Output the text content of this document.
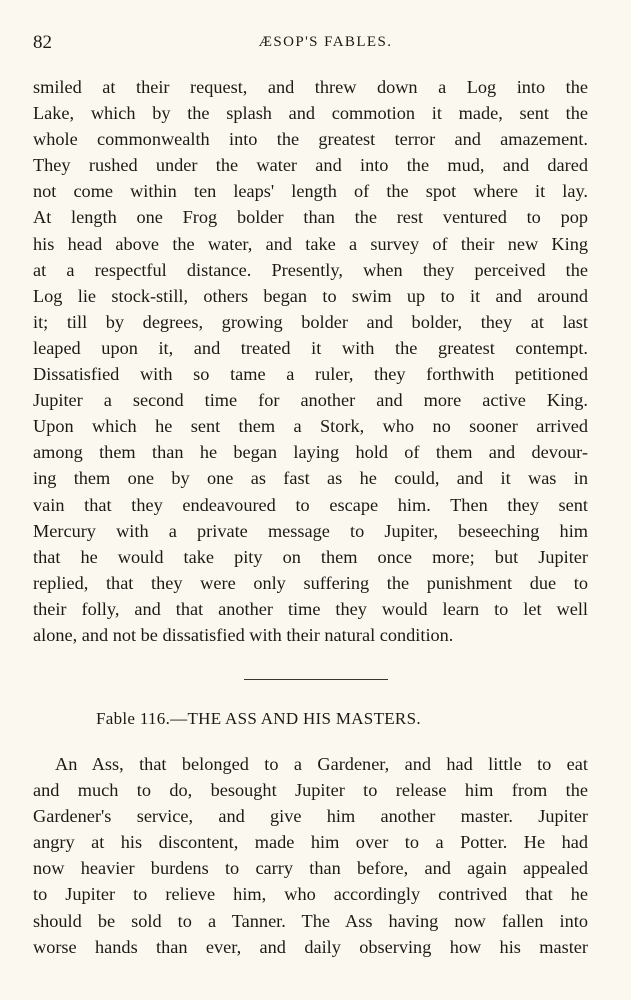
82	ÆSOP'S FABLES.
smiled at their request, and threw down a Log into the
Lake, which by the splash and commotion it made, sent the
whole commonwealth into the greatest terror and amazement.
They rushed under the water and into the mud, and dared
not come within ten leaps' length of the spot where it lay.
At length one Frog bolder than the rest ventured to pop
his head above the water, and take a survey of their new King
at a respectful distance. Presently, when they perceived the
Log lie stock-still, others began to swim up to it and around
it; till by degrees, growing bolder and bolder, they at last
leaped upon it, and treated it with the greatest contempt.
Dissatisfied with so tame a ruler, they forthwith petitioned
Jupiter a second time for another and more active King.
Upon which he sent them a Stork, who no sooner arrived
among them than he began laying hold of them and devour-
ing them one by one as fast as he could, and it was in
vain that they endeavoured to escape him. Then they sent
Mercury with a private message to Jupiter, beseeching him
that he would take pity on them once more; but Jupiter
replied, that they were only suffering the punishment due to
their folly, and that another time they would learn to let well
alone, and not be dissatisfied with their natural condition.
Fable 116.—THE ASS AND HIS MASTERS.
An Ass, that belonged to a Gardener, and had little to eat
and much to do, besought Jupiter to release him from the
Gardener's service, and give him another master. Jupiter
angry at his discontent, made him over to a Potter. He had
now heavier burdens to carry than before, and again appealed
to Jupiter to relieve him, who accordingly contrived that he
should be sold to a Tanner. The Ass having now fallen into
worse hands than ever, and daily observing how his master
